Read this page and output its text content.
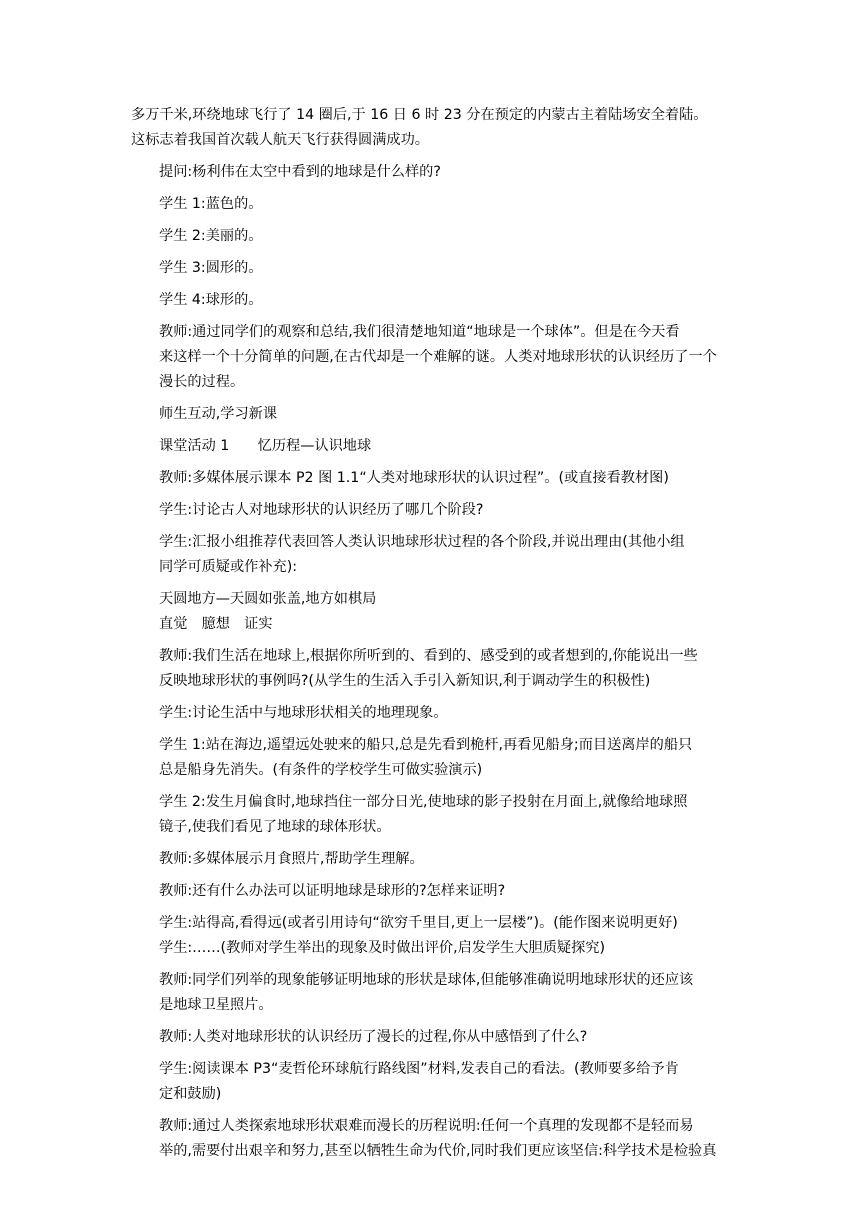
多万千米,环绕地球飞行了 14 圈后,于 16 日 6 时 23 分在预定的内蒙古主着陆场安全着陆。
这标志着我国首次载人航天飞行获得圆满成功。
提问:杨利伟在太空中看到的地球是什么样的?
学生 1:蓝色的。
学生 2:美丽的。
学生 3:圆形的。
学生 4:球形的。
教师:通过同学们的观察和总结,我们很清楚地知道“地球是一个球体”。但是在今天看
来这样一个十分简单的问题,在古代却是一个难解的谜。人类对地球形状的认识经历了一个
漫长的过程。
师生互动,学习新课
课堂活动 1　　忆历程—认识地球
教师:多媒体展示课本 P2 图 1.1“人类对地球形状的认识过程”。(或直接看教材图)
学生:讨论古人对地球形状的认识经历了哪几个阶段?
学生:汇报小组推荐代表回答人类认识地球形状过程的各个阶段,并说出理由(其他小组
同学可质疑或作补充):
天圆地方—天圆如张盖,地方如棋局
直觉　臆想　证实
教师:我们生活在地球上,根据你所听到的、看到的、感受到的或者想到的,你能说出一些
反映地球形状的事例吗?(从学生的生活入手引入新知识,利于调动学生的积极性)
学生:讨论生活中与地球形状相关的地理现象。
学生 1:站在海边,遥望远处驶来的船只,总是先看到桅杆,再看见船身;而目送离岸的船只
总是船身先消失。(有条件的学校学生可做实验演示)
学生 2:发生月偏食时,地球挡住一部分日光,使地球的影子投射在月面上,就像给地球照
镜子,使我们看见了地球的球体形状。
教师:多媒体展示月食照片,帮助学生理解。
教师:还有什么办法可以证明地球是球形的?怎样来证明?
学生:站得高,看得远(或者引用诗句“欲穷千里目,更上一层楼”)。(能作图来说明更好)
学生:……(教师对学生举出的现象及时做出评价,启发学生大胆质疑探究)
教师:同学们列举的现象能够证明地球的形状是球体,但能够准确说明地球形状的还应该
是地球卫星照片。
教师:人类对地球形状的认识经历了漫长的过程,你从中感悟到了什么?
学生:阅读课本 P3“麦哲伦环球航行路线图”材料,发表自己的看法。(教师要多给予肯
定和鼓励)
教师:通过人类探索地球形状艰难而漫长的历程说明:任何一个真理的发现都不是轻而易
举的,需要付出艰辛和努力,甚至以牺牲生命为代价,同时我们更应该坚信:科学技术是检验真
